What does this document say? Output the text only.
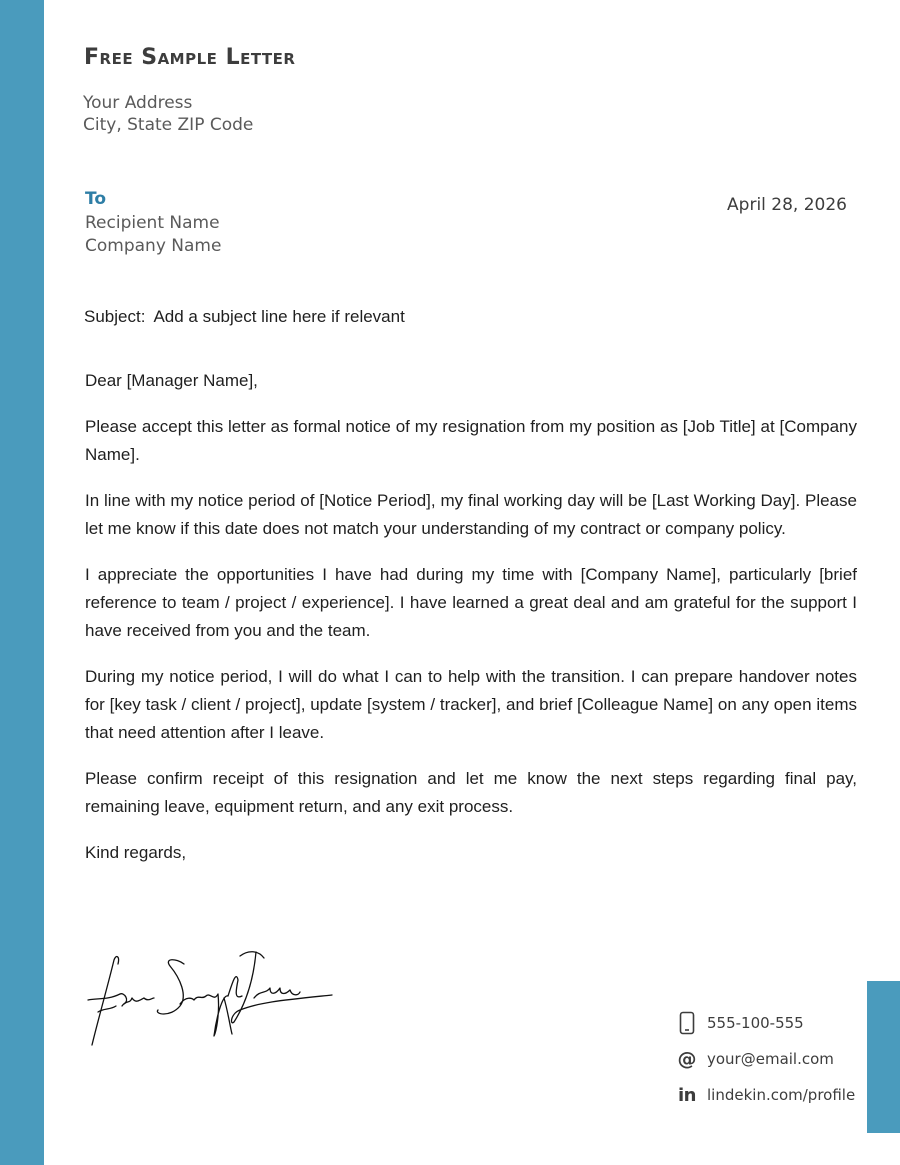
Free Sample Letter
Your Address
City, State ZIP Code
To
Recipient Name
Company Name
April 28, 2026
Subject: Add a subject line here if relevant

Dear [Manager Name],

Please accept this letter as formal notice of my resignation from my position as [Job Title] at [Company Name].

In line with my notice period of [Notice Period], my final working day will be [Last Working Day]. Please let me know if this date does not match your understanding of my contract or company policy.

I appreciate the opportunities I have had during my time with [Company Name], particularly [brief reference to team / project / experience]. I have learned a great deal and am grateful for the support I have received from you and the team.

During my notice period, I will do what I can to help with the transition. I can prepare handover notes for [key task / client / project], update [system / tracker], and brief [Colleague Name] on any open items that need attention after I leave.

Please confirm receipt of this resignation and let me know the next steps regarding final pay, remaining leave, equipment return, and any exit process.

Kind regards,

555-100-555
@ your@email.com
in lindekin.com/profile
